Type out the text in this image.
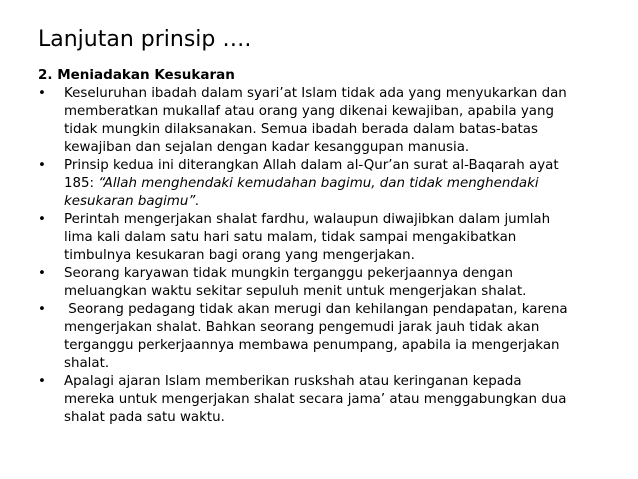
Lanjutan prinsip ….
2. Meniadakan Kesukaran
•	Keseluruhan ibadah dalam syari’at Islam tidak ada yang menyukarkan dan
memberatkan mukallaf atau orang yang dikenai kewajiban, apabila yang
tidak mungkin dilaksanakan. Semua ibadah berada dalam batas-batas
kewajiban dan sejalan dengan kadar kesanggupan manusia.
•	Prinsip kedua ini diterangkan Allah dalam al-Qur’an surat al-Baqarah ayat
185: “Allah menghendaki kemudahan bagimu, dan tidak menghendaki
kesukaran bagimu”.
•	Perintah mengerjakan shalat fardhu, walaupun diwajibkan dalam jumlah
lima kali dalam satu hari satu malam, tidak sampai mengakibatkan
timbulnya kesukaran bagi orang yang mengerjakan.
•	Seorang karyawan tidak mungkin terganggu pekerjaannya dengan
meluangkan waktu sekitar sepuluh menit untuk mengerjakan shalat.
•	Seorang pedagang tidak akan merugi dan kehilangan pendapatan, karena
mengerjakan shalat. Bahkan seorang pengemudi jarak jauh tidak akan
terganggu perkerjaannya membawa penumpang, apabila ia mengerjakan
shalat.
•	Apalagi ajaran Islam memberikan ruskshah atau keringanan kepada
mereka untuk mengerjakan shalat secara jama’ atau menggabungkan dua
shalat pada satu waktu.
